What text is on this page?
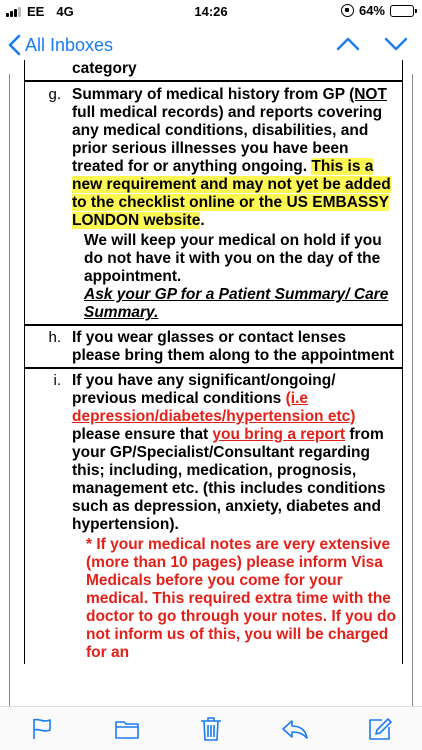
EE 4G	14:26	64%
All Inboxes
category
g. Summary of medical history from GP (NOT full medical records) and reports covering any medical conditions, disabilities, and prior serious illnesses you have been treated for or anything ongoing. This is a new requirement and may not yet be added to the checklist online or the US EMBASSY LONDON website.
We will keep your medical on hold if you do not have it with you on the day of the appointment.
Ask your GP for a Patient Summary/ Care Summary.
h. If you wear glasses or contact lenses please bring them along to the appointment
i. If you have any significant/ongoing/ previous medical conditions (i.e depression/diabetes/hypertension etc) please ensure that you bring a report from your GP/Specialist/Consultant regarding this; including, medication, prognosis, management etc. (this includes conditions such as depression, anxiety, diabetes and hypertension).
* If your medical notes are very extensive (more than 10 pages) please inform Visa Medicals before you come for your medical. This required extra time with the doctor to go through your notes. If you do not inform us of this, you will be charged for an
